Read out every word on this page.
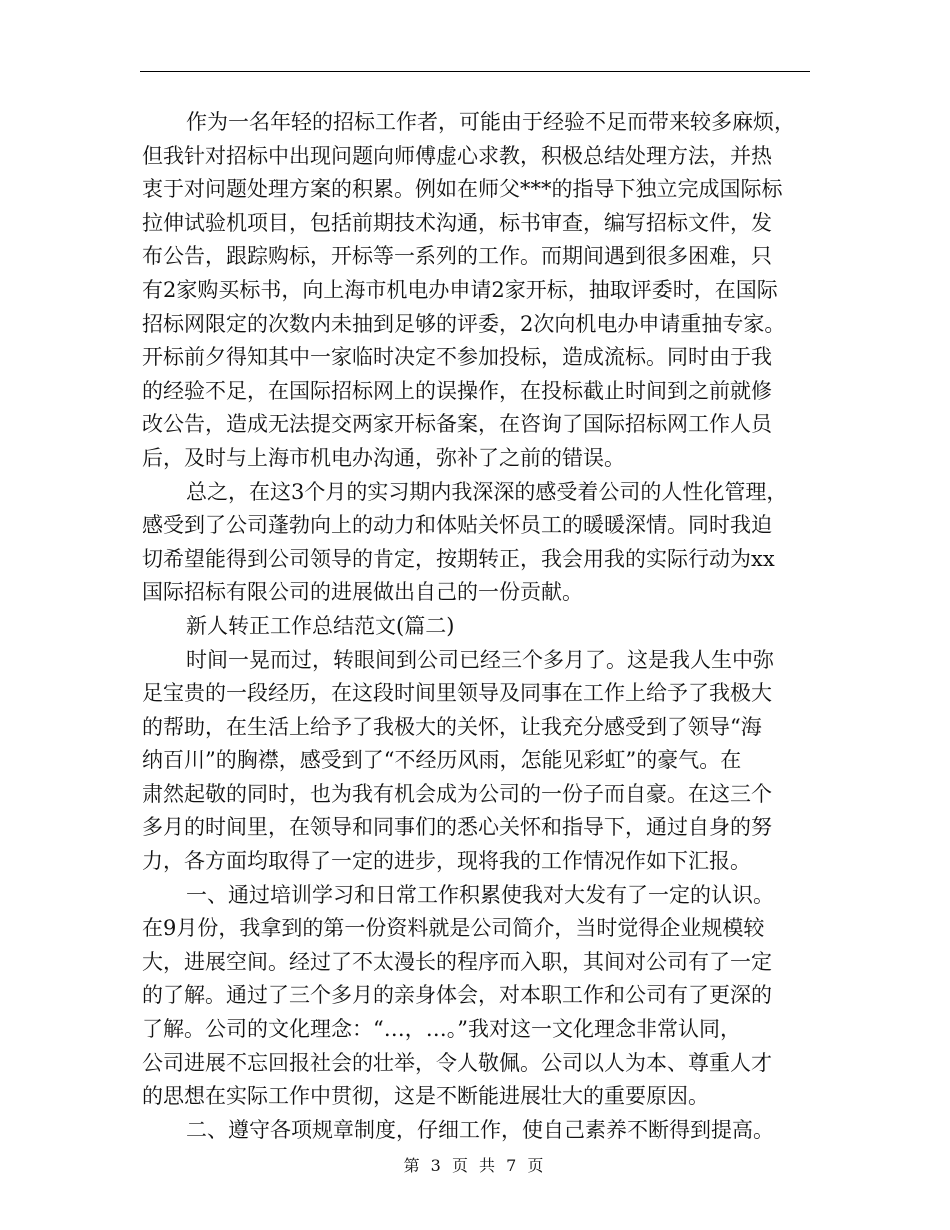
作为一名年轻的招标工作者，可能由于经验不足而带来较多麻烦，
但我针对招标中出现问题向师傅虚心求教，积极总结处理方法，并热
衷于对问题处理方案的积累。例如在师父***的指导下独立完成国际标
拉伸试验机项目，包括前期技术沟通，标书审查，编写招标文件，发
布公告，跟踪购标，开标等一系列的工作。而期间遇到很多困难，只
有2家购买标书，向上海市机电办申请2家开标，抽取评委时，在国际
招标网限定的次数内未抽到足够的评委，2次向机电办申请重抽专家。
开标前夕得知其中一家临时决定不参加投标，造成流标。同时由于我
的经验不足，在国际招标网上的误操作，在投标截止时间到之前就修
改公告，造成无法提交两家开标备案，在咨询了国际招标网工作人员
后，及时与上海市机电办沟通，弥补了之前的错误。
总之，在这3个月的实习期内我深深的感受着公司的人性化管理，
感受到了公司蓬勃向上的动力和体贴关怀员工的暖暖深情。同时我迫
切希望能得到公司领导的肯定，按期转正，我会用我的实际行动为xx
国际招标有限公司的进展做出自己的一份贡献。
新人转正工作总结范文(篇二)
时间一晃而过，转眼间到公司已经三个多月了。这是我人生中弥
足宝贵的一段经历，在这段时间里领导及同事在工作上给予了我极大
的帮助，在生活上给予了我极大的关怀，让我充分感受到了领导“海
纳百川”的胸襟，感受到了“不经历风雨，怎能见彩虹”的豪气。在
肃然起敬的同时，也为我有机会成为公司的一份子而自豪。在这三个
多月的时间里，在领导和同事们的悉心关怀和指导下，通过自身的努
力，各方面均取得了一定的进步，现将我的工作情况作如下汇报。
一、通过培训学习和日常工作积累使我对大发有了一定的认识。
在9月份，我拿到的第一份资料就是公司简介，当时觉得企业规模较
大，进展空间。经过了不太漫长的程序而入职，其间对公司有了一定
的了解。通过了三个多月的亲身体会，对本职工作和公司有了更深的
了解。公司的文化理念：“…，…。”我对这一文化理念非常认同，
公司进展不忘回报社会的壮举，令人敬佩。公司以人为本、尊重人才
的思想在实际工作中贯彻，这是不断能进展壮大的重要原因。
二、遵守各项规章制度，仔细工作，使自己素养不断得到提高。
第 3 页 共 7 页
